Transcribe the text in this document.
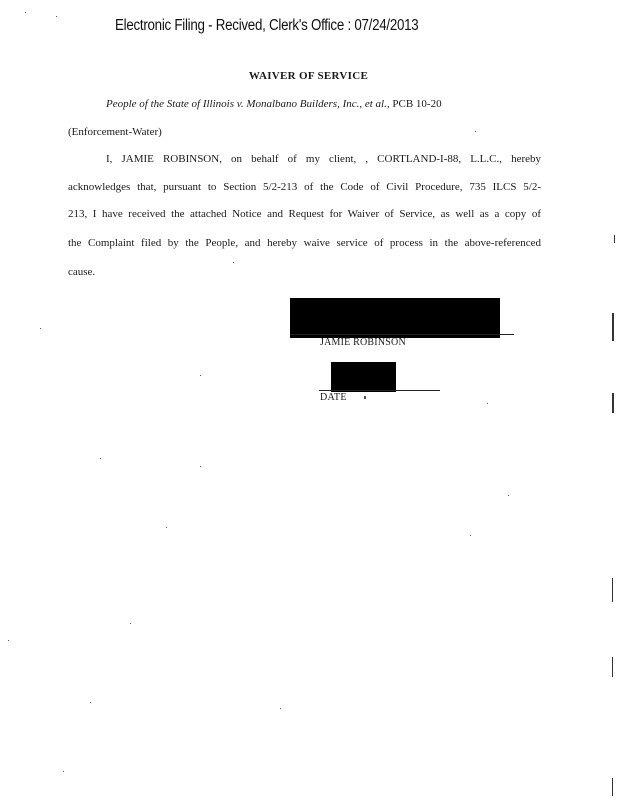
Electronic Filing - Recived, Clerk's Office : 07/24/2013
WAIVER OF SERVICE
People of the State of Illinois v. Monalbano Builders, Inc., et al., PCB 10-20
(Enforcement-Water)
I, JAMIE ROBINSON, on behalf of my client, , CORTLAND-I-88, L.L.C., hereby
acknowledges that, pursuant to Section 5/2-213 of the Code of Civil Procedure, 735 ILCS 5/2-
213, I have received the attached Notice and Request for Waiver of Service, as well as a copy of
the Complaint filed by the People, and hereby waive service of process in the above-referenced
cause.
JAMIE ROBINSON
DATE
